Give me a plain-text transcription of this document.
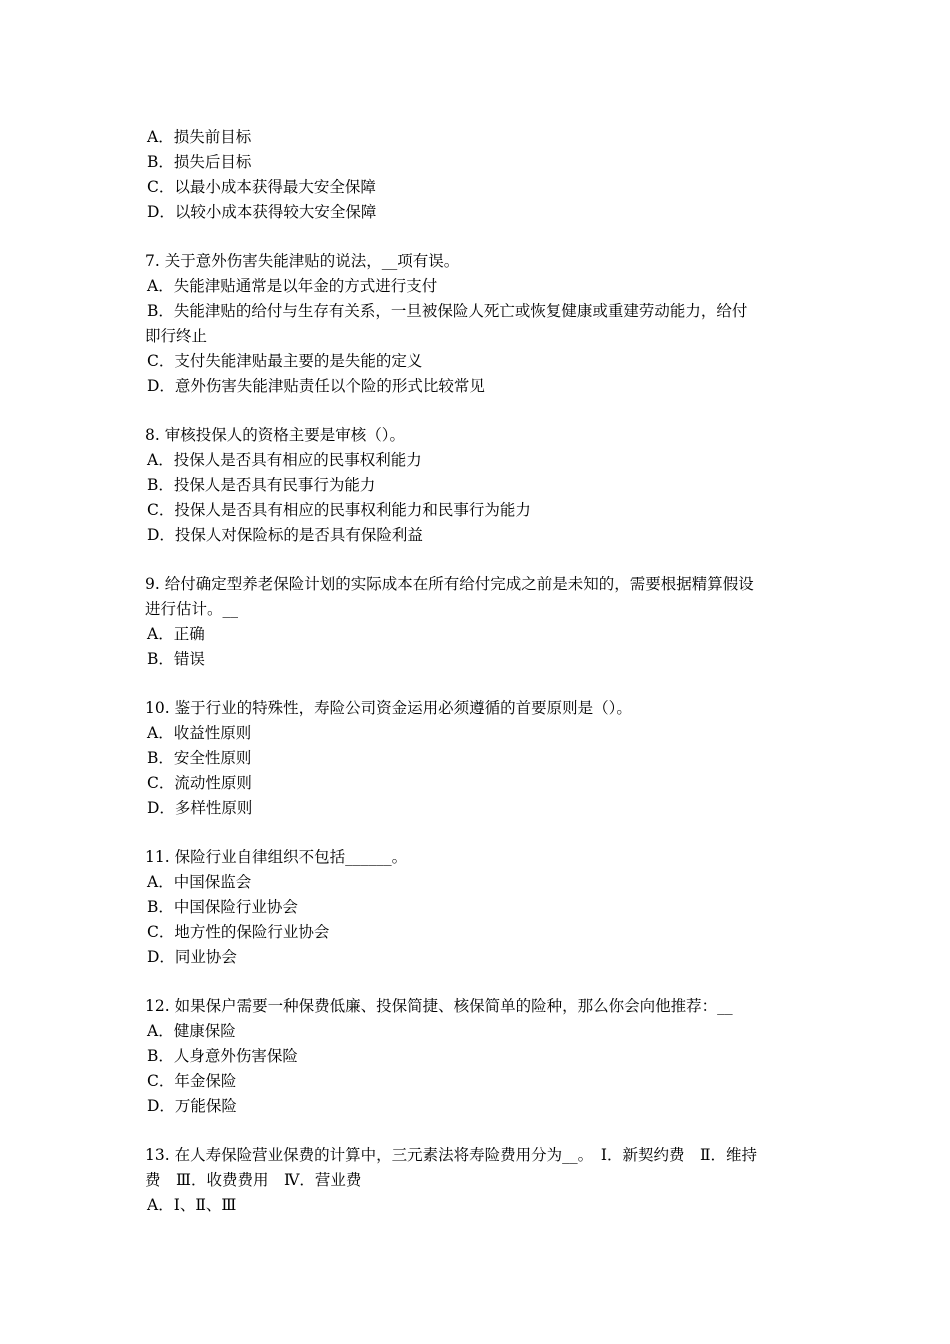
A．损失前目标

B．损失后目标

C．以最小成本获得最大安全保障

D．以较小成本获得较大安全保障

7. 关于意外伤害失能津贴的说法，__项有误。

A．失能津贴通常是以年金的方式进行支付

B．失能津贴的给付与生存有关系，一旦被保险人死亡或恢复健康或重建劳动能力，给付

即行终止

C．支付失能津贴最主要的是失能的定义

D．意外伤害失能津贴责任以个险的形式比较常见

8. 审核投保人的资格主要是审核（）。

A．投保人是否具有相应的民事权利能力

B．投保人是否具有民事行为能力

C．投保人是否具有相应的民事权利能力和民事行为能力

D．投保人对保险标的是否具有保险利益

9. 给付确定型养老保险计划的实际成本在所有给付完成之前是未知的，需要根据精算假设

进行估计。__

A．正确

B．错误

10. 鉴于行业的特殊性，寿险公司资金运用必须遵循的首要原则是（）。

A．收益性原则

B．安全性原则

C．流动性原则

D．多样性原则

11. 保险行业自律组织不包括______。

A．中国保监会

B．中国保险行业协会

C．地方性的保险行业协会

D．同业协会

12. 如果保户需要一种保费低廉、投保简捷、核保简单的险种，那么你会向他推荐：__

A．健康保险

B．人身意外伤害保险

C．年金保险

D．万能保险

13. 在人寿保险营业保费的计算中，三元素法将寿险费用分为__。　Ⅰ．新契约费　Ⅱ．维持

费　Ⅲ．收费费用　Ⅳ．营业费

A．Ⅰ、Ⅱ、Ⅲ
